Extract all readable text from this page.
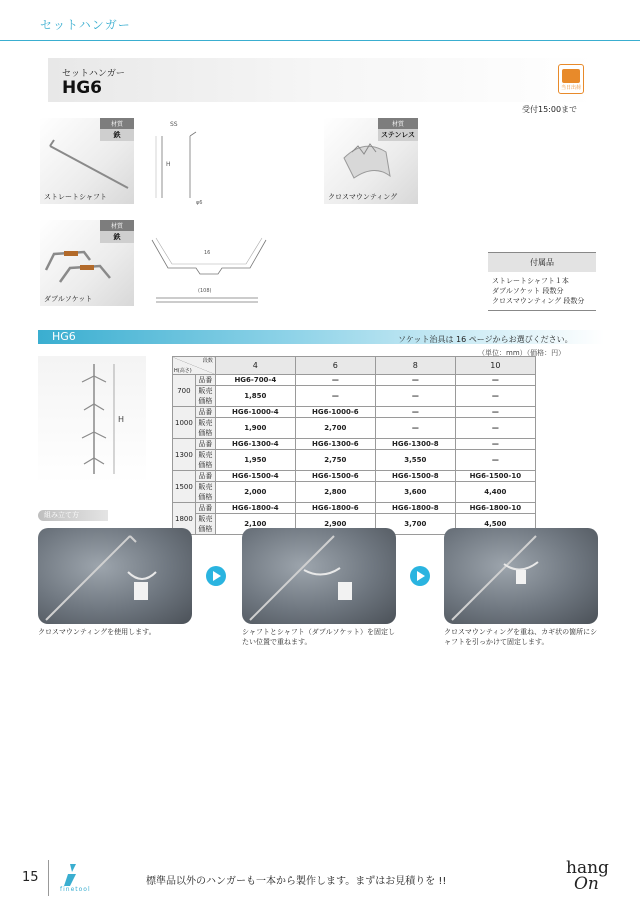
セットハンガー
セットハンガー
HG6	当日出荷
受付15:00まで
材質
鉄
ストレートシャフト
SS
H
φ6
材質
ステンレス
クロスマウンティング
材質
鉄
ダブルソケット
16
(108)
付属品
ストレートシャフト１本
ダブルソケット 段数分
クロスマウンティング 段数分
HG6	ソケット治具は 16 ページからお選びください。
（単位：mm）（価格：円）
H
段数
H(高さ)		4	6	8	10
700	品番	HG6-700-4	—	—	—
	販売価格	1,850	—	—	—
1000	品番	HG6-1000-4	HG6-1000-6	—	—
	販売価格	1,900	2,700	—	—
1300	品番	HG6-1300-4	HG6-1300-6	HG6-1300-8	—
	販売価格	1,950	2,750	3,550	—
1500	品番	HG6-1500-4	HG6-1500-6	HG6-1500-8	HG6-1500-10
	販売価格	2,000	2,800	3,600	4,400
1800	品番	HG6-1800-4	HG6-1800-6	HG6-1800-8	HG6-1800-10
	販売価格	2,100	2,900	3,700	4,500
組み立て方
クロスマウンティングを使用します。	シャフトとシャフト（ダブルソケット）を固定したい位置で重ねます。
クロスマウンティングを重ね、カギ状の箇所にシャフトを引っかけて固定します。
15
finetool
標準品以外のハンガーも一本から製作します。まずはお見積りを !!
hang
On
